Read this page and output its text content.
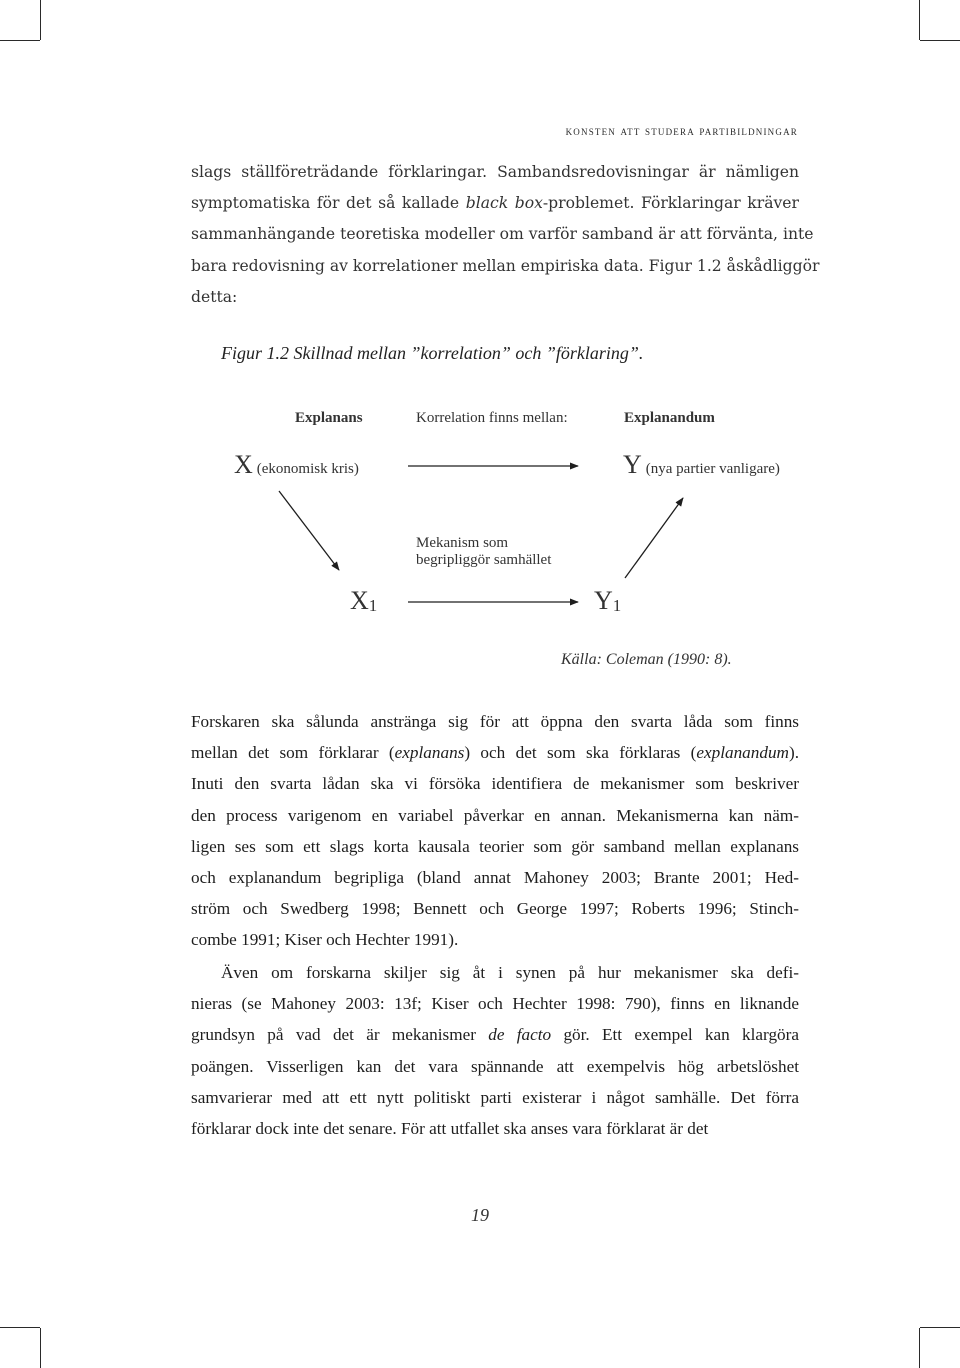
konsten att studera partibildningar

slags ställföreträdande förklaringar. Sambandsredovisningar är nämligen
symptomatiska för det så kallade black box-problemet. Förklaringar kräver
sammanhängande teoretiska modeller om varför samband är att förvänta, inte
bara redovisning av korrelationer mellan empiriska data. Figur 1.2 åskådliggör
detta:

Figur 1.2 Skillnad mellan ”korrelation” och ”förklaring”.
Explanans	Korrelation finns mellan:	Explanandum
X (ekonomisk kris)	Y (nya partier vanligare)
Mekanism som
begripliggör samhället
X1	Y1
Källa: Coleman (1990: 8).

Forskaren ska sålunda anstränga sig för att öppna den svarta låda som finns
mellan det som förklarar (explanans) och det som ska förklaras (explanandum).
Inuti den svarta lådan ska vi försöka identifiera de mekanismer som beskriver
den process varigenom en variabel påverkar en annan. Mekanismerna kan näm-
ligen ses som ett slags korta kausala teorier som gör samband mellan explanans
och explanandum begripliga (bland annat Mahoney 2003; Brante 2001; Hed-
ström och Swedberg 1998; Bennett och George 1997; Roberts 1996; Stinch-
combe 1991; Kiser och Hechter 1991).

Även om forskarna skiljer sig åt i synen på hur mekanismer ska defi-
nieras (se Mahoney 2003: 13f; Kiser och Hechter 1998: 790), finns en liknande
grundsyn på vad det är mekanismer de facto gör. Ett exempel kan klargöra
poängen. Visserligen kan det vara spännande att exempelvis hög arbetslöshet
samvarierar med att ett nytt politiskt parti existerar i något samhälle. Det förra
förklarar dock inte det senare. För att utfallet ska anses vara förklarat är det

19
